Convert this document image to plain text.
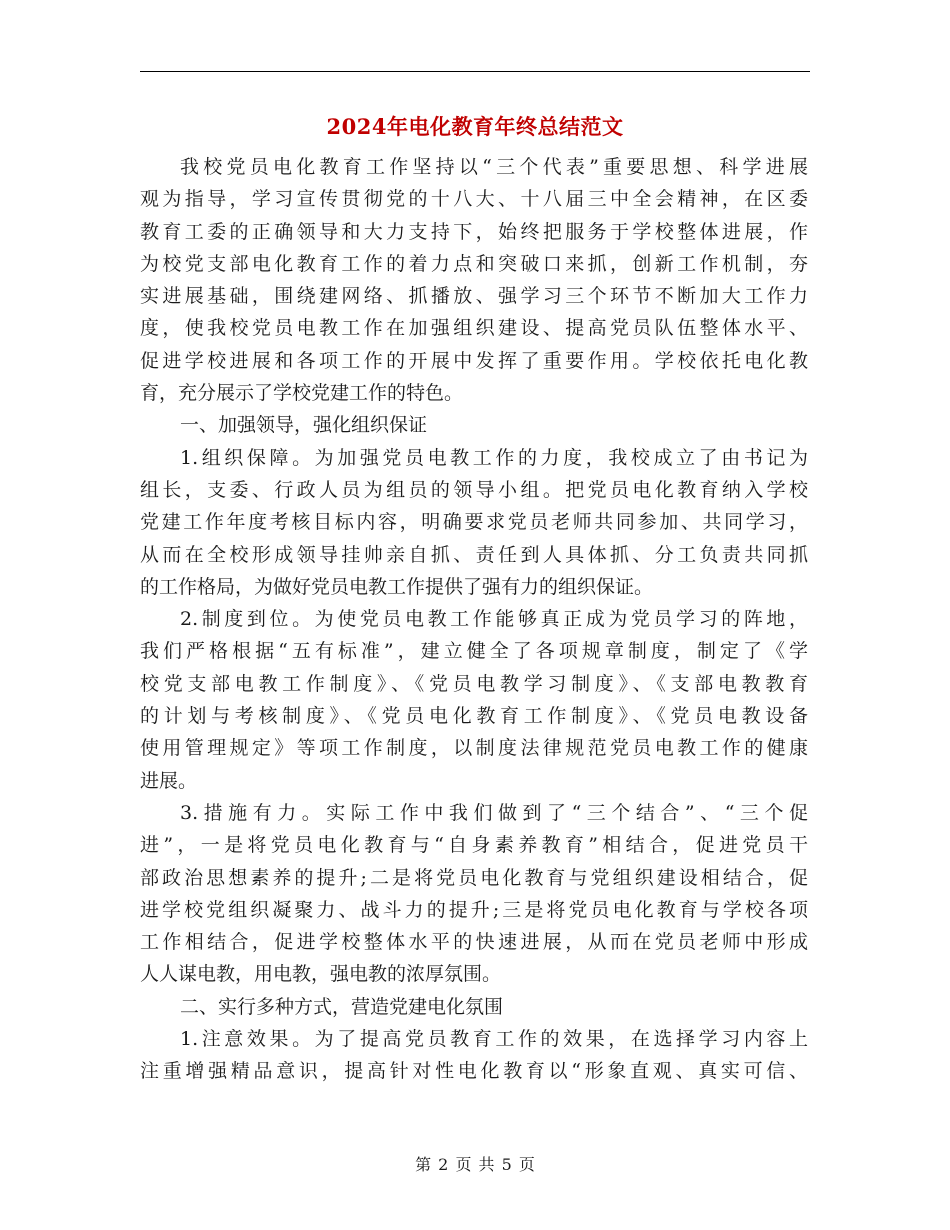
2024年电化教育年终总结范文
我校党员电化教育工作坚持以“三个代表”重要思想、科学进展
观为指导，学习宣传贯彻党的十八大、十八届三中全会精神，在区委
教育工委的正确领导和大力支持下，始终把服务于学校整体进展，作
为校党支部电化教育工作的着力点和突破口来抓，创新工作机制，夯
实进展基础，围绕建网络、抓播放、强学习三个环节不断加大工作力
度，使我校党员电教工作在加强组织建设、提高党员队伍整体水平、
促进学校进展和各项工作的开展中发挥了重要作用。学校依托电化教
育，充分展示了学校党建工作的特色。
一、加强领导，强化组织保证
1.组织保障。为加强党员电教工作的力度，我校成立了由书记为
组长，支委、行政人员为组员的领导小组。把党员电化教育纳入学校
党建工作年度考核目标内容，明确要求党员老师共同参加、共同学习，
从而在全校形成领导挂帅亲自抓、责任到人具体抓、分工负责共同抓
的工作格局，为做好党员电教工作提供了强有力的组织保证。
2.制度到位。为使党员电教工作能够真正成为党员学习的阵地，
我们严格根据“五有标准”，建立健全了各项规章制度，制定了《学
校党支部电教工作制度》、《党员电教学习制度》、《支部电教教育
的计划与考核制度》、《党员电化教育工作制度》、《党员电教设备
使用管理规定》等项工作制度，以制度法律规范党员电教工作的健康
进展。
3.措施有力。实际工作中我们做到了“三个结合”、“三个促
进”，一是将党员电化教育与“自身素养教育”相结合，促进党员干
部政治思想素养的提升;二是将党员电化教育与党组织建设相结合，促
进学校党组织凝聚力、战斗力的提升;三是将党员电化教育与学校各项
工作相结合，促进学校整体水平的快速进展，从而在党员老师中形成
人人谋电教，用电教，强电教的浓厚氛围。
二、实行多种方式，营造党建电化氛围
1.注意效果。为了提高党员教育工作的效果，在选择学习内容上
注重增强精品意识，提高针对性电化教育以“形象直观、真实可信、
第 2 页 共 5 页
